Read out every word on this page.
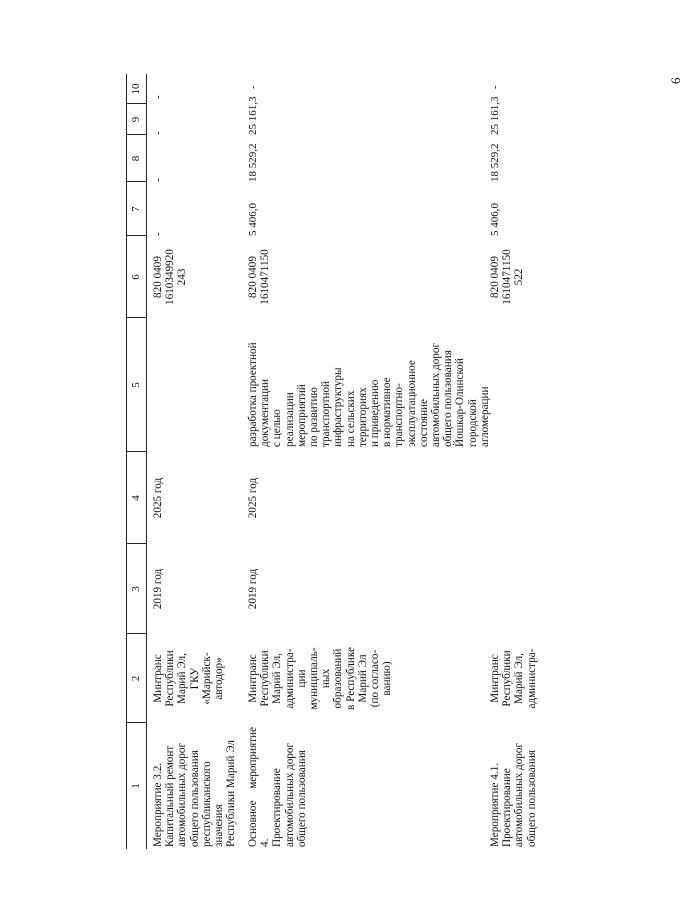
6
1
2
3
4
5
6
7
8
9
10
Мероприятие 3.2.
Капитальный ремонт
автомобильных дорог
общего пользования
республиканского значения
Республики Марий Эл
Минтранс
Республики
Марий Эл,
ГКУ
«Марийск-
автодор»
2019 год
2025 год
820 0409
1610349920
243
-
-
-
-
Основное мероприятие 4.
Проектирование
автомобильных дорог
общего пользования
Минтранс
Республики
Марий Эл,
администра-
ции
муниципаль-
ных
образований
в Республике
Марий Эл
(по согласо-
ванию)
2019 год
2025 год
разработка проектной
документации
с целью
реализации
мероприятий
по развитию
транспортной
инфраструктуры
на сельских
территориях
и приведению
в нормативное
транспортно-
эксплуатационное
состояние
автомобильных дорог
общего пользования
Йошкар-Олинской
городской
агломерации
820 0409
1610471150
5 406,0
18 529,2
25 161,3
-
Мероприятие 4.1.
Проектирование
автомобильных дорог
общего пользования
Минтранс
Республики
Марий Эл,
администра-
820 0409
1610471150
522
5 406,0
18 529,2
25 161,3
-
